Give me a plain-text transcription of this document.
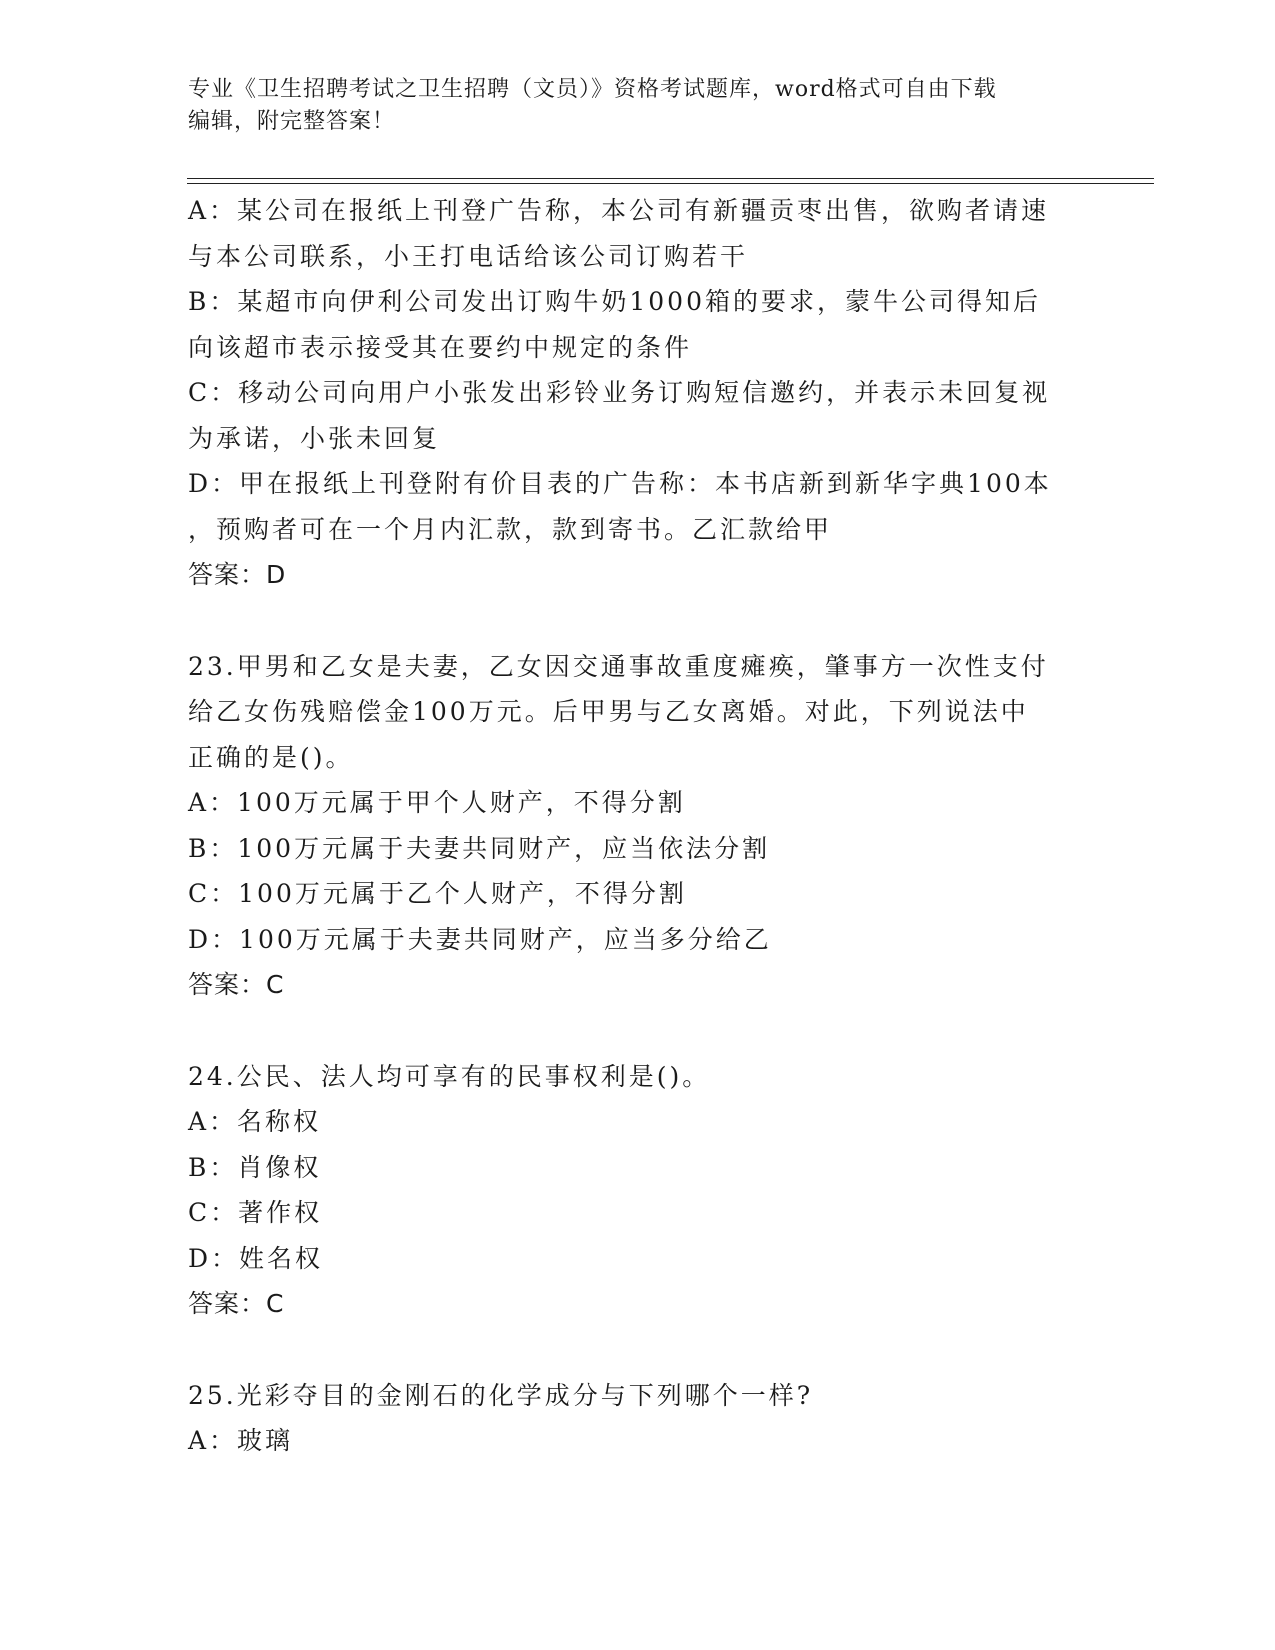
专业《卫生招聘考试之卫生招聘（文员）》资格考试题库，word格式可自由下载
编辑，附完整答案！
A：某公司在报纸上刊登广告称，本公司有新疆贡枣出售，欲购者请速
与本公司联系，小王打电话给该公司订购若干
B：某超市向伊利公司发出订购牛奶1000箱的要求，蒙牛公司得知后
向该超市表示接受其在要约中规定的条件
C：移动公司向用户小张发出彩铃业务订购短信邀约，并表示未回复视
为承诺，小张未回复
D：甲在报纸上刊登附有价目表的广告称：本书店新到新华字典100本
，预购者可在一个月内汇款，款到寄书。乙汇款给甲
答案：D
23.甲男和乙女是夫妻，乙女因交通事故重度瘫痪，肇事方一次性支付
给乙女伤残赔偿金100万元。后甲男与乙女离婚。对此，下列说法中
正确的是()。
A：100万元属于甲个人财产，不得分割
B：100万元属于夫妻共同财产，应当依法分割
C：100万元属于乙个人财产，不得分割
D：100万元属于夫妻共同财产，应当多分给乙
答案：C
24.公民、法人均可享有的民事权利是()。
A：名称权
B：肖像权
C：著作权
D：姓名权
答案：C
25.光彩夺目的金刚石的化学成分与下列哪个一样?
A：玻璃
